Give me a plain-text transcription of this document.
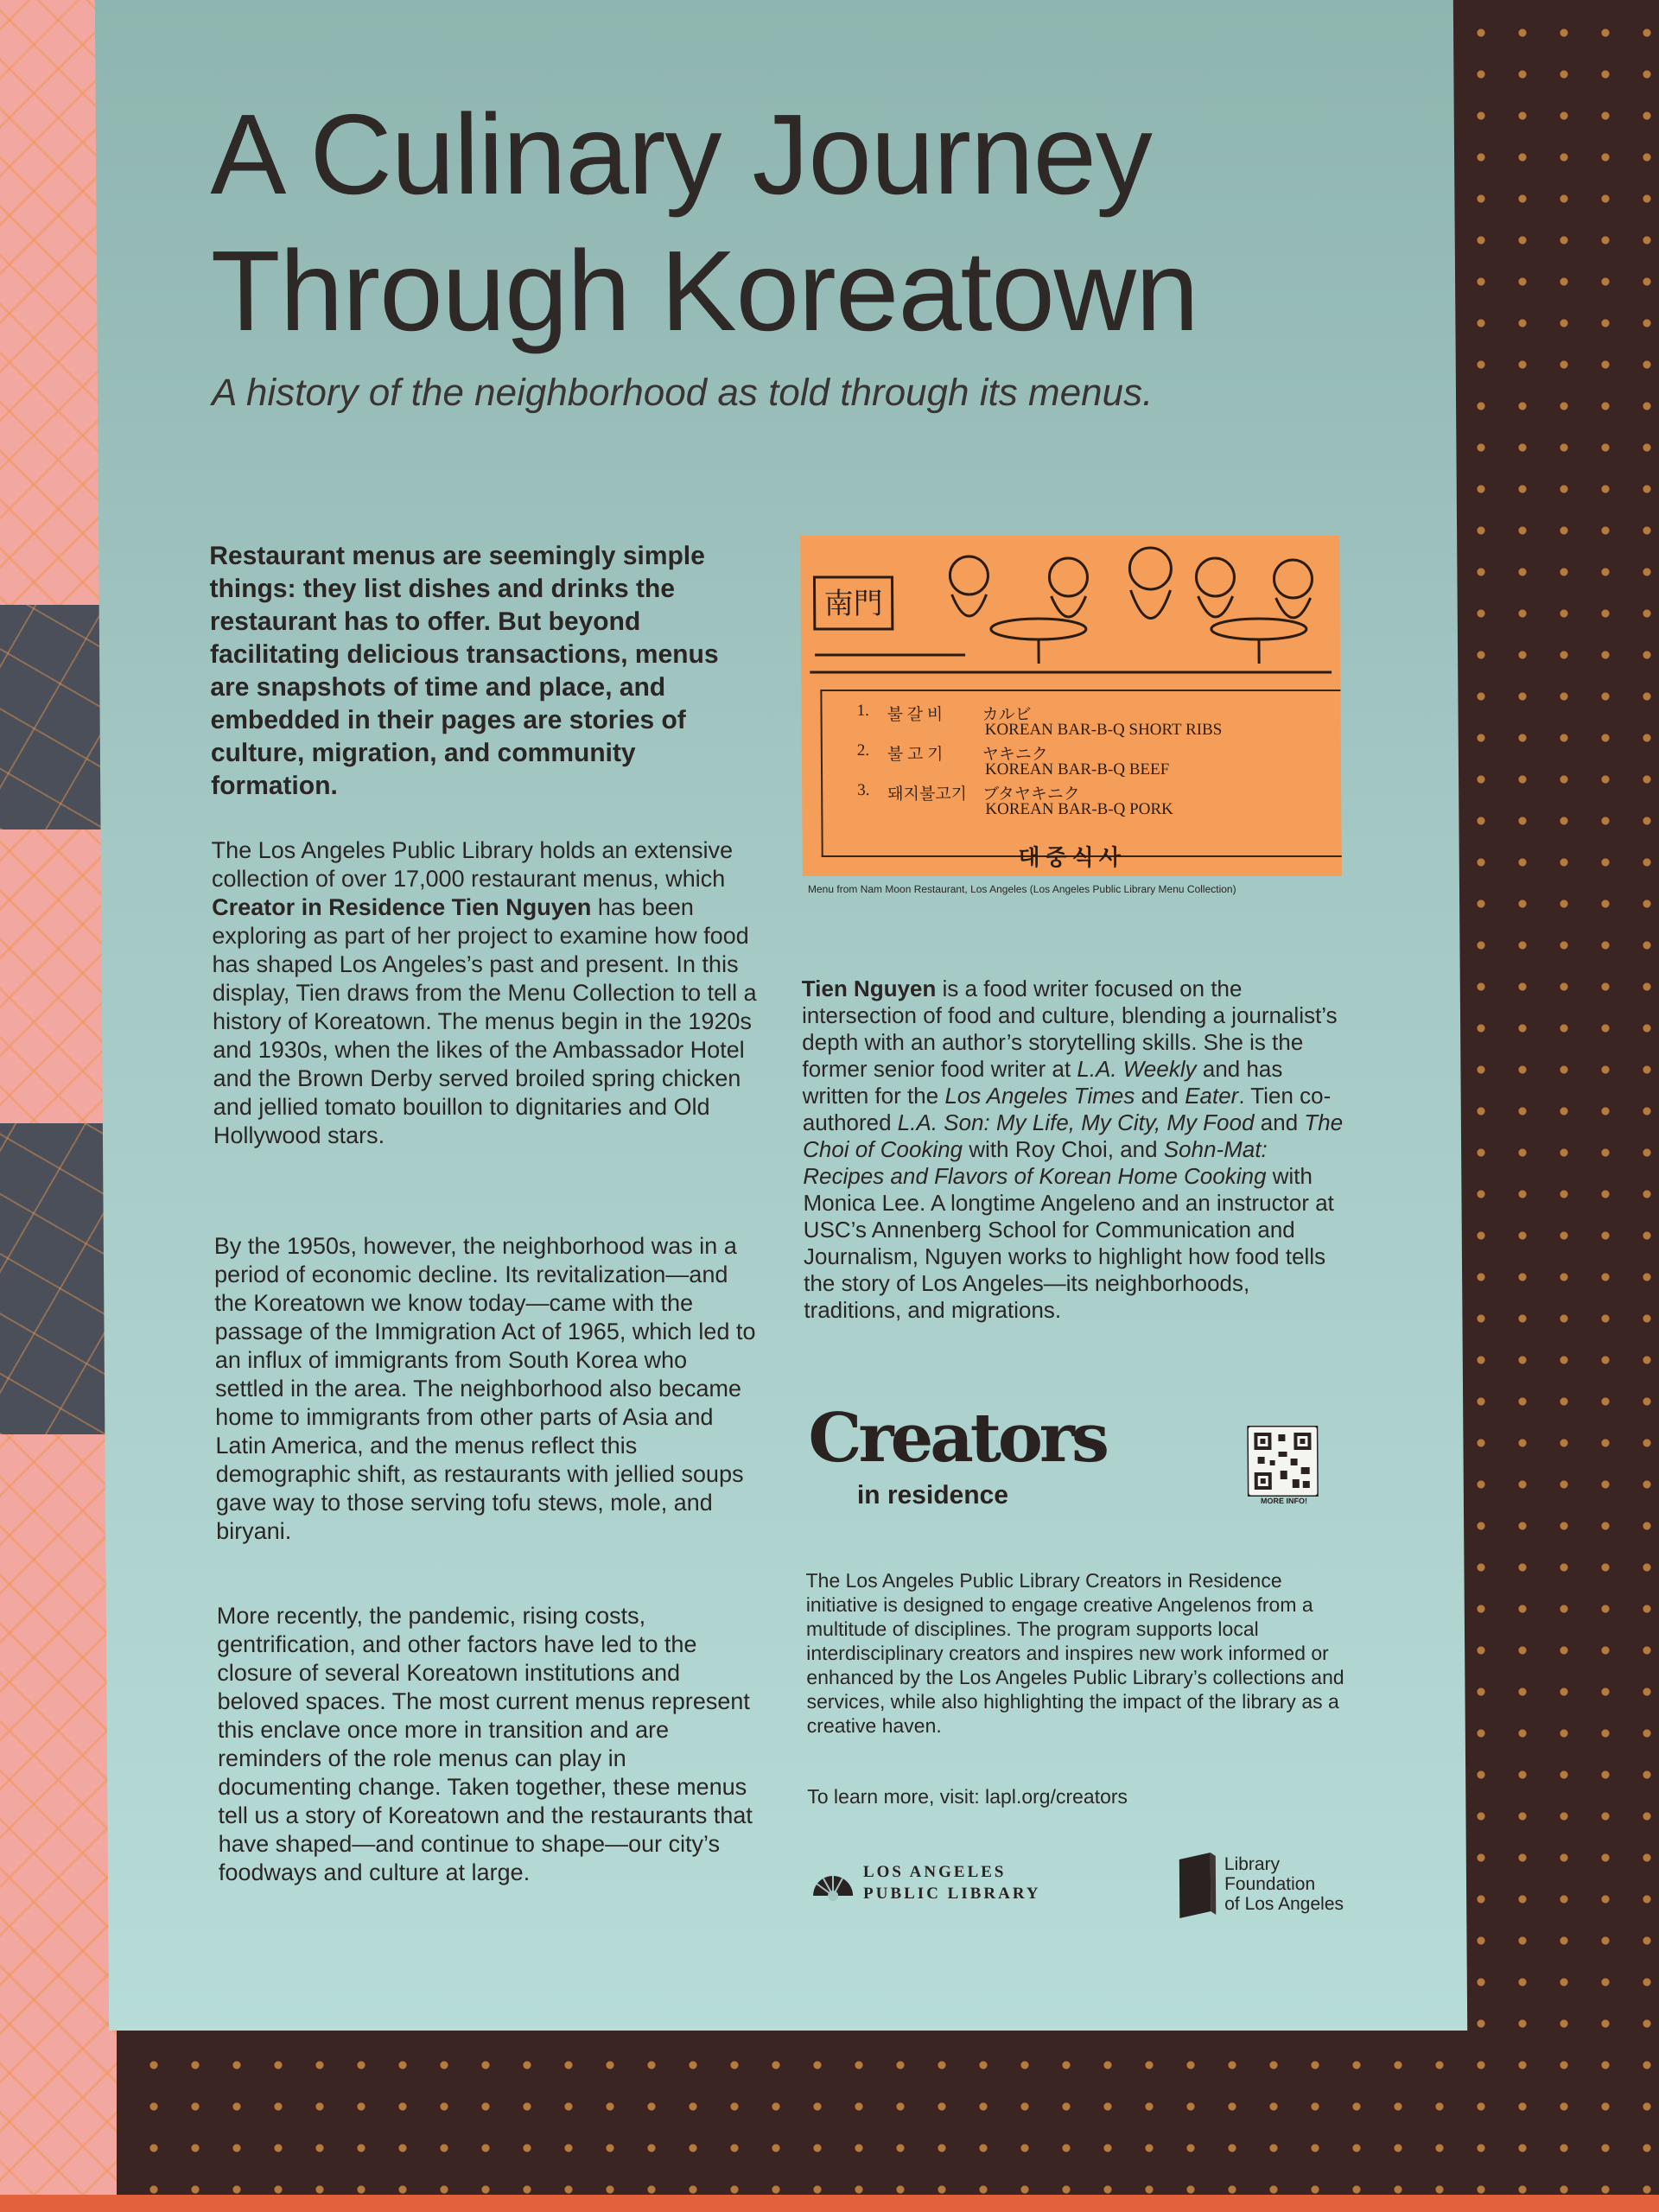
A Culinary Journey Through Koreatown

A history of the neighborhood as told through its menus.

Restaurant menus are seemingly simple things: they list dishes and drinks the restaurant has to offer. But beyond facilitating delicious transactions, menus are snapshots of time and place, and embedded in their pages are stories of culture, migration, and community formation.

The Los Angeles Public Library holds an extensive collection of over 17,000 restaurant menus, which Creator in Residence Tien Nguyen has been exploring as part of her project to examine how food has shaped Los Angeles’s past and present. In this display, Tien draws from the Menu Collection to tell a history of Koreatown. The menus begin in the 1920s and 1930s, when the likes of the Ambassador Hotel and the Brown Derby served broiled spring chicken and jellied tomato bouillon to dignitaries and Old Hollywood stars.

By the 1950s, however, the neighborhood was in a period of economic decline. Its revitalization—and the Koreatown we know today—came with the passage of the Immigration Act of 1965, which led to an influx of immigrants from South Korea who settled in the area. The neighborhood also became home to immigrants from other parts of Asia and Latin America, and the menus reflect this demographic shift, as restaurants with jellied soups gave way to those serving tofu stews, mole, and biryani.
More recently, the pandemic, rising costs, gentrification, and other factors have led to the closure of several Koreatown institutions and beloved spaces. The most current menus represent this enclave once more in transition and are reminders of the role menus can play in documenting change. Taken together, these menus tell us a story of Koreatown and the restaurants that have shaped—and continue to shape—our city’s foodways and culture at large.
南門
1. 불 갈 비 カルビ
KOREAN BAR-B-Q SHORT RIBS
2. 불 고 기 ヤキニク
KOREAN BAR-B-Q BEEF
3. 돼지불고기 ブタヤキニク
KOREAN BAR-B-Q PORK
대중식사
Menu from Nam Moon Restaurant, Los Angeles (Los Angeles Public Library Menu Collection)

Tien Nguyen is a food writer focused on the intersection of food and culture, blending a journalist’s depth with an author’s storytelling skills. She is the former senior food writer at L.A. Weekly and has written for the Los Angeles Times and Eater. Tien co-authored L.A. Son: My Life, My City, My Food and The Choi of Cooking with Roy Choi, and Sohn-Mat: Recipes and Flavors of Korean Home Cooking with Monica Lee. A longtime Angeleno and an instructor at USC’s Annenberg School for Communication and Journalism, Nguyen works to highlight how food tells the story of Los Angeles—its neighborhoods, traditions, and migrations.

Creators
in residence	MORE INFO!
The Los Angeles Public Library Creators in Residence initiative is designed to engage creative Angelenos from a multitude of disciplines. The program supports local interdisciplinary creators and inspires new work informed or enhanced by the Los Angeles Public Library’s collections and services, while also highlighting the impact of the library as a creative haven.
To learn more, visit: lapl.org/creators
LOS ANGELES
PUBLIC LIBRARY
Library
Foundation
of Los Angeles
